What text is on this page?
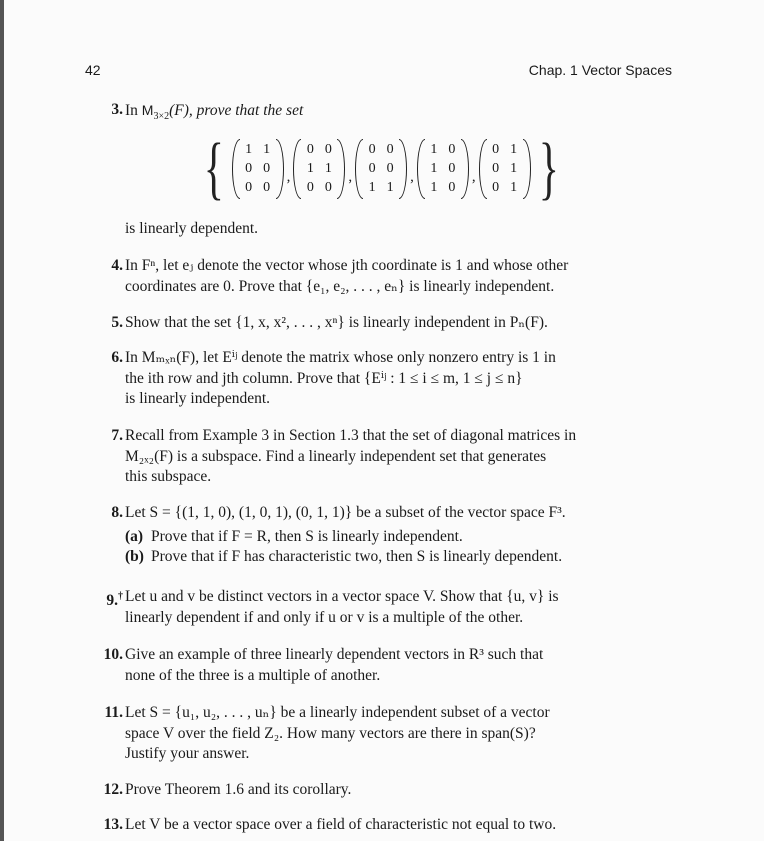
42	Chap. 1 Vector Spaces
3. In $M_{3\times 2}(F)$, prove that the set
{	1 1
0 0
0 0
,
0 0
1 1
0 0
,
0 0
0 0
1 1
,
1 0
1 0
1 0
,
0 1
0 1
0 1 }
is linearly dependent.
4. In Fⁿ, let eⱼ denote the vector whose jth coordinate is 1 and whose other
coordinates are 0. Prove that {e₁, e₂, . . . , eₙ} is linearly independent.
5. Show that the set {1, x, x², . . . , xⁿ} is linearly independent in Pₙ(F).
6. In Mₘₓₙ(F), let Eⁱʲ denote the matrix whose only nonzero entry is 1 in
the ith row and jth column. Prove that {Eⁱʲ : 1 ≤ i ≤ m, 1 ≤ j ≤ n}
is linearly independent.
7. Recall from Example 3 in Section 1.3 that the set of diagonal matrices in
M₂ₓ₂(F) is a subspace. Find a linearly independent set that generates
this subspace.
8. Let S = {(1, 1, 0), (1, 0, 1), (0, 1, 1)} be a subset of the vector space F³.
(a) Prove that if F = R, then S is linearly independent.
(b) Prove that if F has characteristic two, then S is linearly dependent.
9.† Let u and v be distinct vectors in a vector space V. Show that {u, v} is
linearly dependent if and only if u or v is a multiple of the other.
10. Give an example of three linearly dependent vectors in R³ such that
none of the three is a multiple of another.
11. Let S = {u₁, u₂, . . . , uₙ} be a linearly independent subset of a vector
space V over the field Z₂. How many vectors are there in span(S)?
Justify your answer.
12. Prove Theorem 1.6 and its corollary.
13. Let V be a vector space over a field of characteristic not equal to two.
